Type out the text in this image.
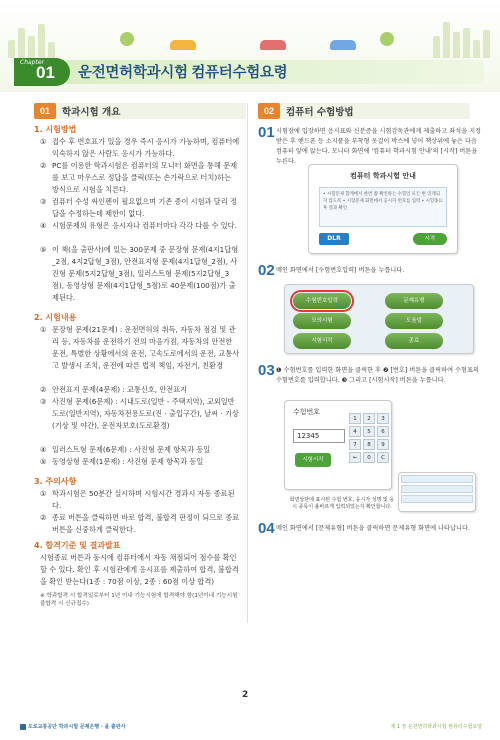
Chapter
01 운전면허학과시험 컴퓨터수험요령
01	학과시험 개요	02	컴퓨터 수험방법
1. 시험방법
① 접수 후 번호표가 있을 경우 즉시 응시가 가능하며, 컴퓨터에 익숙하지 않은 사람도 응시가 가능하다.
② PC를 이용한 학과시험은 컴퓨터의 모니터 화면을 통해 문제를 보고 마우스로 정답을 클릭(또는 손가락으로 터치)하는 방식으로 시험을 치른다.
③ 컴퓨터 수성 싸인펜이 필요없으며 기존 종이 시험과 달리 정답을 수정하는데 제한이 없다.
④ 시험문제의 유형은 응시자나 컴퓨터마다 각각 다를 수 있다.
⑤ 이 책(을 출판사)에 있는 300문제 중 문장형 문제(4지1답형_2점, 4지2답형_3점), 안전표지형 문제(4지1답형_2점), 사진형 문제(5지2답형_3점), 일러스트형 문제(5지2답형_3점), 동영상형 문제(4지1답형_5점)로 40문제(100점)가 출제된다.
2. 시험내용
① 문장형 문제(21문제) : 운전면허의 취득, 자동차 점검 및 관리 등, 자동차를 운전하기 전의 마음가짐, 자동차의 안전한 운전, 특별한 상황에서의 운전, 고속도로에서의 운전, 교통사고 발생시 조치, 운전에 따른 법적 책임, 자전거, 친환경
② 안전표지 문제(4문제) : 교통신호, 안전표지
③ 사진형 문제(6문제) : 시내도로(일반 - 주택지역), 교외일반도로(일반지역), 자동차전용도로(진 · 출입구간), 날씨 · 기상(기상 및 야간), 운전자보호(도로환경)
④ 일러스트형 문제(6문제) : 사진형 문제 항목과 동일
⑤ 동영상형 문제(1문제) : 사진형 문제 항목과 동일
3. 주의사항
① 학과시험은 50분간 실시하며 시험시간 경과시 자동 종료된다.
② 종료 버튼을 클릭하면 바로 합격, 불합격 판정이 되므로 종료 버튼을 신중하게 클릭한다.
4. 합격기준 및 결과발표
시험종료 버튼과 동시에 컴퓨터에서 자동 채점되어 점수를 확인할 수 있다. 확인 후 시험관에게 응시표를 제출하여 합격, 불합격을 확인 받는다(1종 : 70점 이상, 2종 : 60점 이상 합격)
※ 학과합격 시 합격일로부터 1년 이내 기능시험에 합격해야 함(1년이내 기능시험 불합격 시 신규접수)
01 시험장에 입장하면 응시표와 신분증을 시험감독관에게 제출하고 좌석을 지정받은 후 핸드폰 등 소지품을 부착형 옷걸이 박스에 넣어 책상위에 놓은 다음 컴퓨터 앞에 앉는다. 모니터 화면에 '컴퓨터 학과시험 안내'의 [시작] 버튼을 누른다.
컴퓨터 학과시험 안내
• 시험문제 합계에서 한번 쯤 확인하는 수혈일 모든 변 연계되지 않도록 • 시험문제 화면에서 응시자 번호를 입력 • 시험종료 후 결과 확인
DLR	시작
02 메인 화면에서 [수험번호입력] 버튼을 누릅니다.
수험번호입력	문제유형
모의시험	도움말
시험시작	종료
03 ❶ 수험번호를 입력한 화면을 클릭한 후 ❷ [번호] 버튼을 클릭하여 수험표의 수험번호를 입력합니다. ❸ 그리고 [시험시작] 버튼을 누릅니다.
수험번호
12345
시험시작
1	2	3
4	5	6
7	8	9
←	0	C
화면상단에 표시된 수험 번호, 응시자 성명 및 응시 종목이 올바르게 입력되었는지 확인합니다.
04 메인 화면에서 [문제유형] 버튼을 클릭하면 문제유형 화면에 나타납니다.
2
도로교통공단 학과시험 문제은행 · 을 출판사	제 1 장 운전면허학과시험 컴퓨터수험요령
